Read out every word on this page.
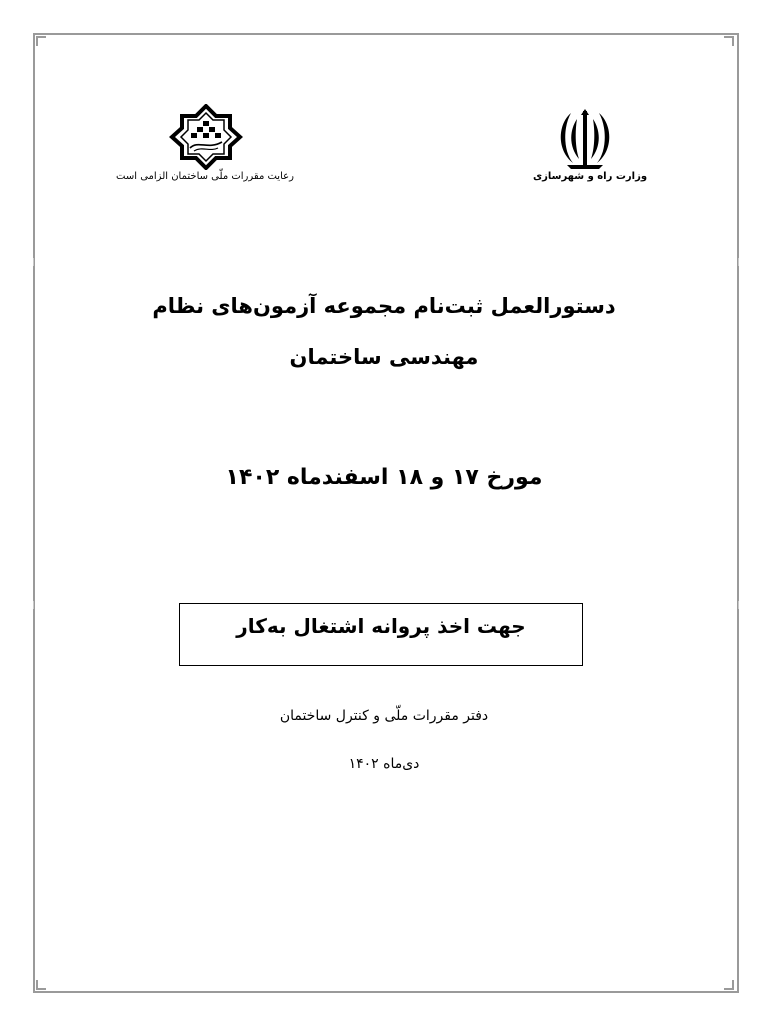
وزارت راه و شهرسازی
رعایت مقررات ملّی ساختمان الزامی است
دستورالعمل ثبت‌نام مجموعه آزمون‌های نظام
مهندسی ساختمان
مورخ ۱۷ و ۱۸ اسفندماه ۱۴۰۲
جهت اخذ پروانه اشتغال به‌کار
دفتر مقررات ملّی و کنترل ساختمان
دی‌ماه ۱۴۰۲
